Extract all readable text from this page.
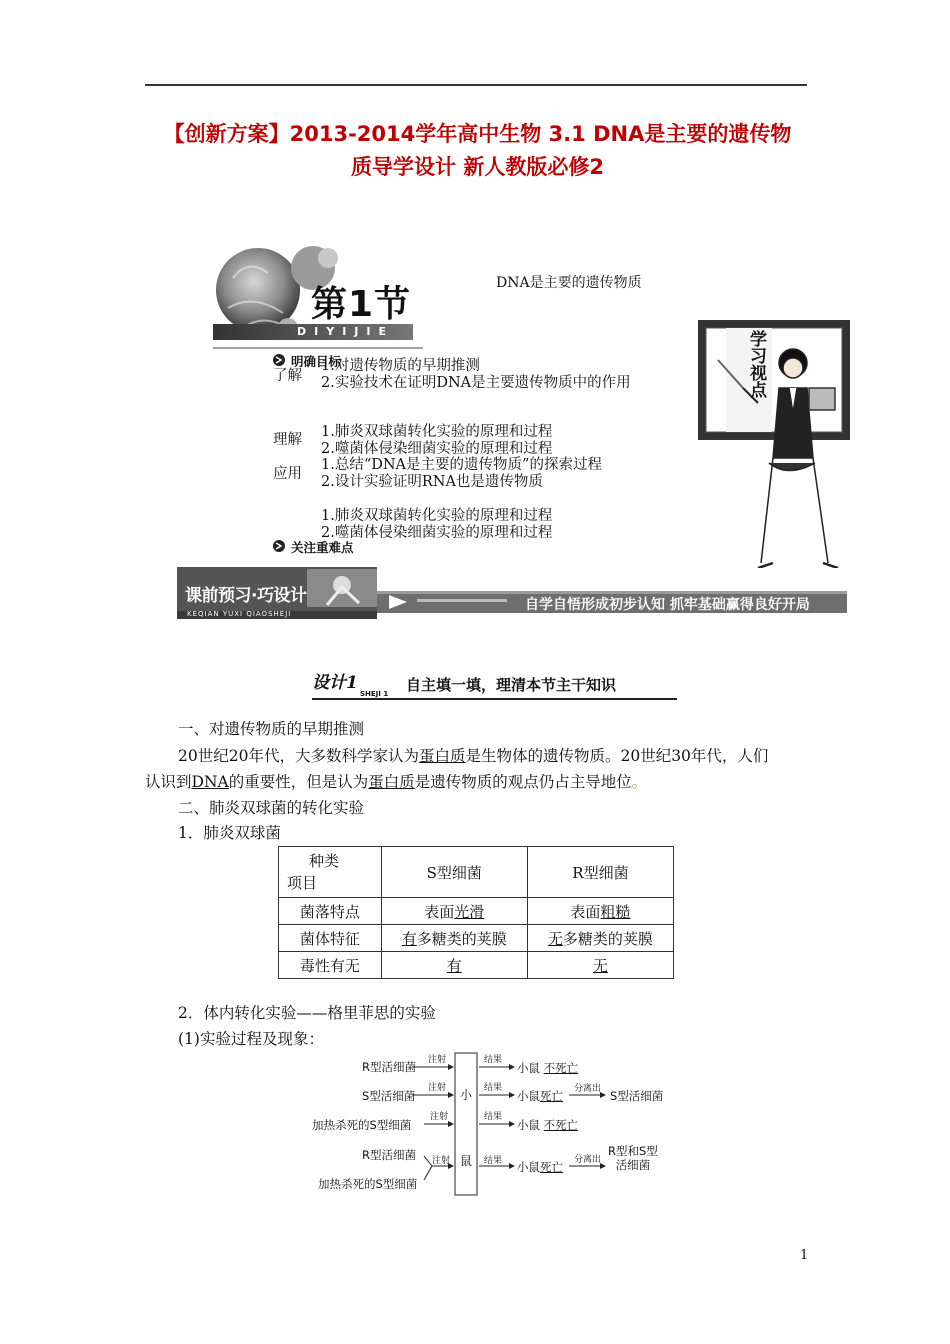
【创新方案】2013-2014学年高中生物 3.1 DNA是主要的遗传物
质导学设计 新人教版必修2
第1节
DIYIJIE
DNA是主要的遗传物质
学习视点
明确目标
关注重难点
了解
理解
应用
1.对遗传物质的早期推测
2.实验技术在证明DNA是主要遗传物质中的作用
1.肺炎双球菌转化实验的原理和过程
2.噬菌体侵染细菌实验的原理和过程
1.总结“DNA是主要的遗传物质”的探索过程
2.设计实验证明RNA也是遗传物质
1.肺炎双球菌转化实验的原理和过程
2.噬菌体侵染细菌实验的原理和过程
课前预习·巧设计
KEQIAN YUXI QIAOSHEJI
自学自悟形成初步认知 抓牢基础赢得良好开局
设计1
SHEJI 1 自主填一填，理清本节主干知识
一、对遗传物质的早期推测
20世纪20年代，大多数科学家认为蛋白质是生物体的遗传物质。20世纪30年代，人们
认识到DNA的重要性，但是认为蛋白质是遗传物质的观点仍占主导地位。
二、肺炎双球菌的转化实验
1．肺炎双球菌
种类
项目	S型细菌	R型细菌
菌落特点	表面光滑	表面粗糙
菌体特征	有多糖类的荚膜	无多糖类的荚膜
毒性有无	有	无
2．体内转化实验——格里菲思的实验
(1)实验过程及现象：
R型活细菌
S型活细菌
加热杀死的S型细菌
R型活细菌
加热杀死的S型细菌
注射
注射
注射
注射
小
鼠
结果
结果
结果
结果
小鼠 不死亡
小鼠死亡
小鼠 不死亡
小鼠死亡
分离出
分离出
S型活细菌
R型和S型
活细菌
1
